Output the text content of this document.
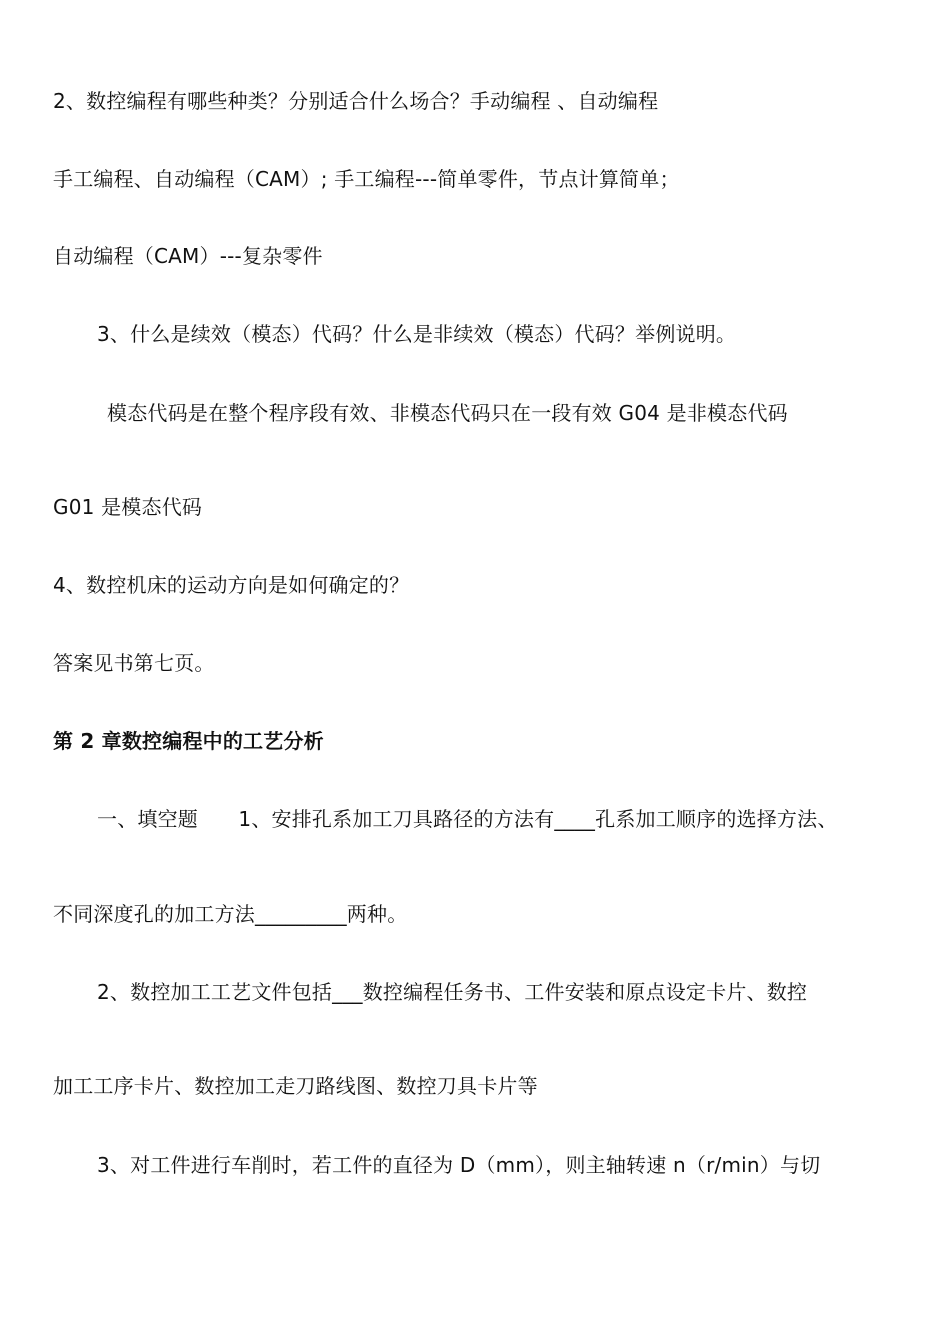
2、数控编程有哪些种类？分别适合什么场合？手动编程 、自动编程
手工编程、自动编程（CAM）; 手工编程---简单零件，节点计算简单；
自动编程（CAM）---复杂零件
3、什么是续效（模态）代码？什么是非续效（模态）代码？举例说明。
模态代码是在整个程序段有效、非模态代码只在一段有效 G04 是非模态代码
G01 是模态代码
4、数控机床的运动方向是如何确定的？
答案见书第七页。
第 2 章数控编程中的工艺分析
一、填空题　　1、安排孔系加工刀具路径的方法有____孔系加工顺序的选择方法、
不同深度孔的加工方法_________两种。
2、数控加工工艺文件包括___数控编程任务书、工件安装和原点设定卡片、数控
加工工序卡片、数控加工走刀路线图、数控刀具卡片等
3、对工件进行车削时，若工件的直径为 D（mm），则主轴转速 n（r/min）与切
